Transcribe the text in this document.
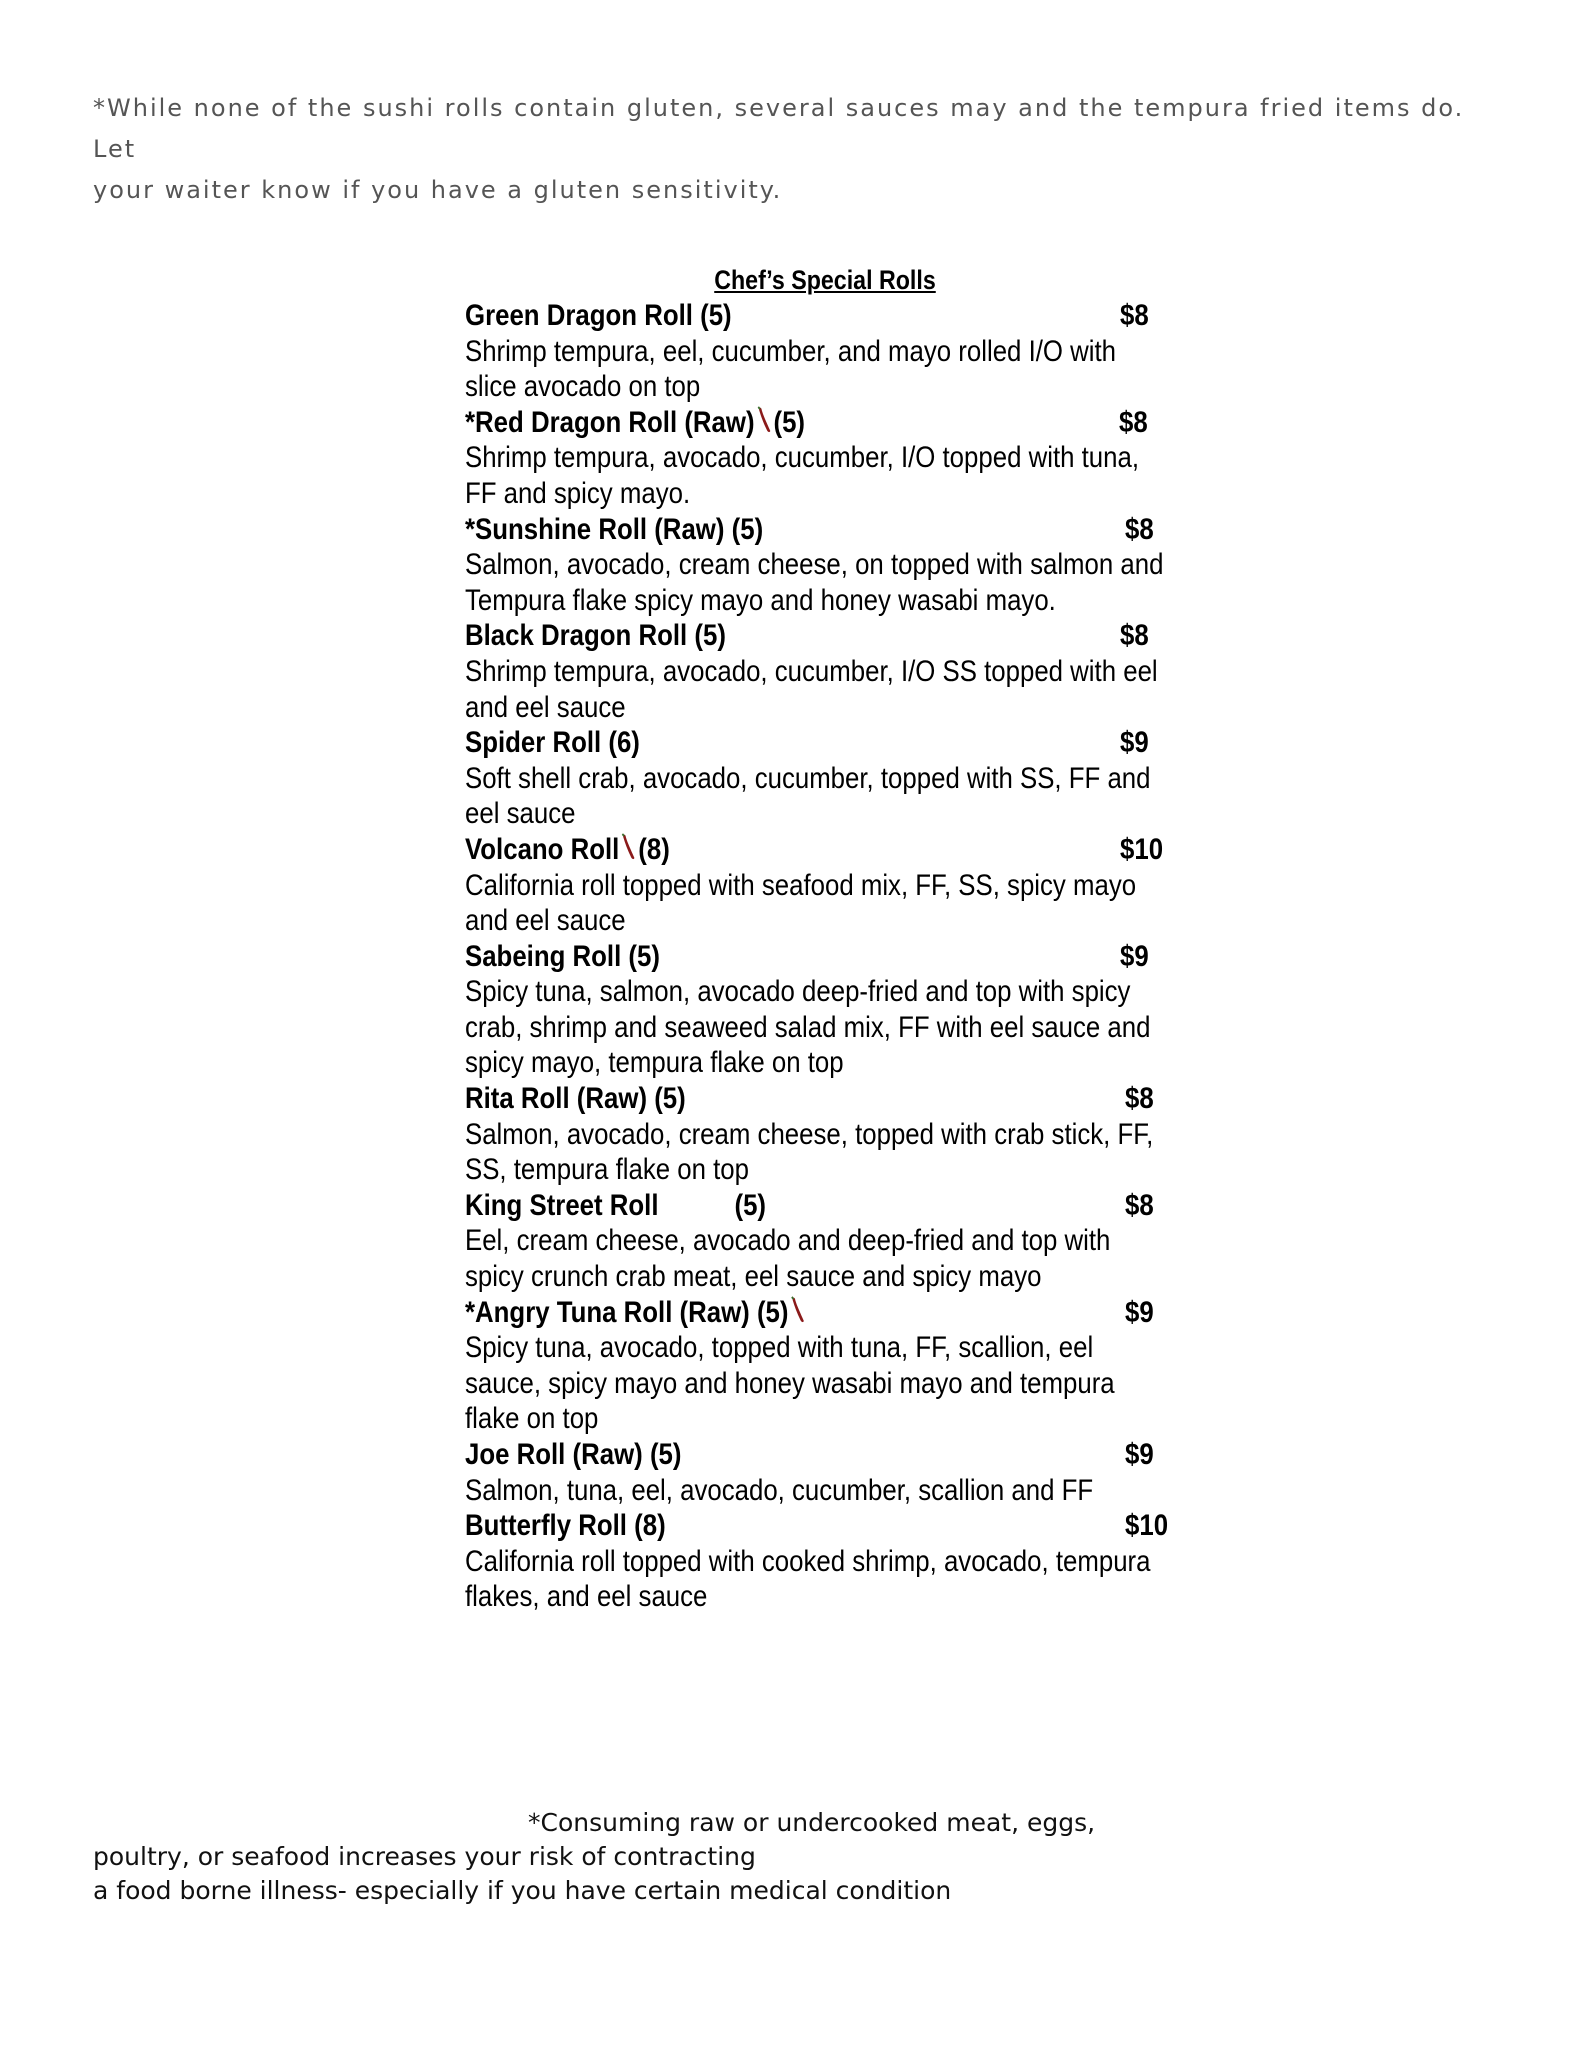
*While none of the sushi rolls contain gluten, several sauces may and the tempura fried items do. Let
your waiter know if you have a gluten sensitivity.
Chef’s Special Rolls
Green Dragon Roll (5)	$8
Shrimp tempura, eel, cucumber, and mayo rolled I/O with
slice avocado on top
*Red Dragon Roll (Raw) (5)	$8
Shrimp tempura, avocado, cucumber, I/O topped with tuna,
FF and spicy mayo.
*Sunshine Roll (Raw) (5)	$8
Salmon, avocado, cream cheese, on topped with salmon and
Tempura flake spicy mayo and honey wasabi mayo.
Black Dragon Roll (5)	$8
Shrimp tempura, avocado, cucumber, I/O SS topped with eel
and eel sauce
Spider Roll (6)	$9
Soft shell crab, avocado, cucumber, topped with SS, FF and
eel sauce
Volcano Roll (8)	$10
California roll topped with seafood mix, FF, SS, spicy mayo
and eel sauce
Sabeing Roll (5)	$9
Spicy tuna, salmon, avocado deep-fried and top with spicy
crab, shrimp and seaweed salad mix, FF with eel sauce and
spicy mayo, tempura flake on top
Rita Roll (Raw) (5)	$8
Salmon, avocado, cream cheese, topped with crab stick, FF,
SS, tempura flake on top
King Street Roll	(5)	$8
Eel, cream cheese, avocado and deep-fried and top with
spicy crunch crab meat, eel sauce and spicy mayo
*Angry Tuna Roll (Raw) (5)	$9
Spicy tuna, avocado, topped with tuna, FF, scallion, eel
sauce, spicy mayo and honey wasabi mayo and tempura
flake on top
Joe Roll (Raw) (5)	$9
Salmon, tuna, eel, avocado, cucumber, scallion and FF
Butterfly Roll (8)	$10
California roll topped with cooked shrimp, avocado, tempura
flakes, and eel sauce
*Consuming raw or undercooked meat, eggs,
poultry, or seafood increases your risk of contracting
a food borne illness- especially if you have certain medical condition
